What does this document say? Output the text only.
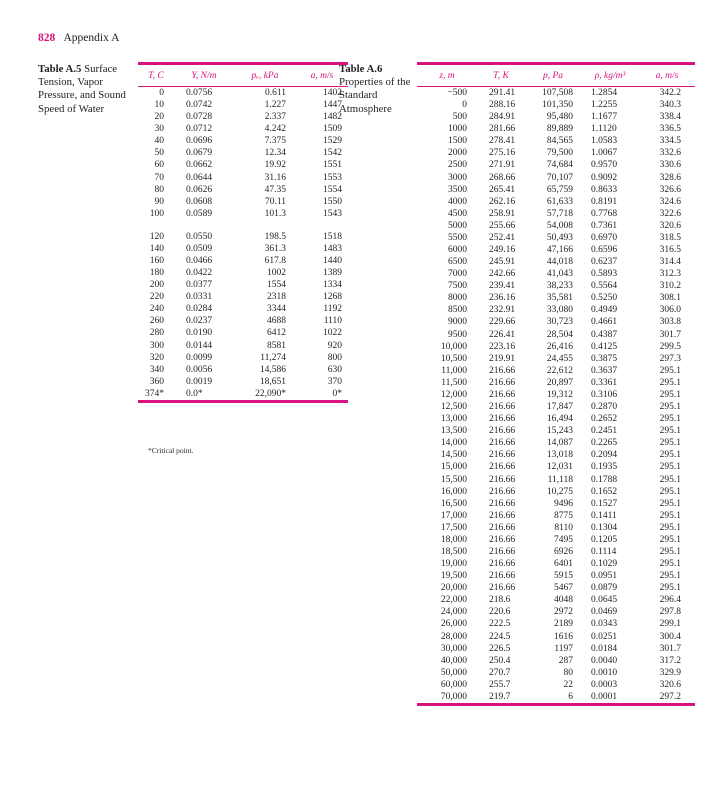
828 Appendix A
Table A.5 Surface Tension, Vapor Pressure, and Sound Speed of Water
T, C	Υ, N/m	pᵥ, kPa	a, m/s
0	0.0756	0.611	1402
10	0.0742	1.227	1447
20	0.0728	2.337	1482
30	0.0712	4.242	1509
40	0.0696	7.375	1529
50	0.0679	12.34	1542
60	0.0662	19.92	1551
70	0.0644	31.16	1553
80	0.0626	47.35	1554
90	0.0608	70.11	1550
100	0.0589	101.3	1543

120	0.0550	198.5	1518
140	0.0509	361.3	1483
160	0.0466	617.8	1440
180	0.0422	1002	1389
200	0.0377	1554	1334
220	0.0331	2318	1268
240	0.0284	3344	1192
260	0.0237	4688	1110
280	0.0190	6412	1022
300	0.0144	8581	920
320	0.0099	11,274	800
340	0.0056	14,586	630
360	0.0019	18,651	370
374*	0.0*	22,090*	0*
*Critical point.
Table A.6 Properties of the Standard Atmosphere
z, m	T, K	p, Pa	ρ, kg/m³	a, m/s
−500	291.41	107,508	1.2854	342.2
0	288.16	101,350	1.2255	340.3
500	284.91	95,480	1.1677	338.4
1000	281.66	89,889	1.1120	336.5
1500	278.41	84,565	1.0583	334.5
2000	275.16	79,500	1.0067	332.6
2500	271.91	74,684	0.9570	330.6
3000	268.66	70,107	0.9092	328.6
3500	265.41	65,759	0.8633	326.6
4000	262.16	61,633	0.8191	324.6
4500	258.91	57,718	0.7768	322.6
5000	255.66	54,008	0.7361	320.6
5500	252.41	50,493	0.6970	318.5
6000	249.16	47,166	0.6596	316.5
6500	245.91	44,018	0.6237	314.4
7000	242.66	41,043	0.5893	312.3
7500	239.41	38,233	0.5564	310.2
8000	236.16	35,581	0.5250	308.1
8500	232.91	33,080	0.4949	306.0
9000	229.66	30,723	0.4661	303.8
9500	226.41	28,504	0.4387	301.7
10,000	223.16	26,416	0.4125	299.5
10,500	219.91	24,455	0.3875	297.3
11,000	216.66	22,612	0.3637	295.1
11,500	216.66	20,897	0.3361	295.1
12,000	216.66	19,312	0.3106	295.1
12,500	216.66	17,847	0.2870	295.1
13,000	216.66	16,494	0.2652	295.1
13,500	216.66	15,243	0.2451	295.1
14,000	216.66	14,087	0.2265	295.1
14,500	216.66	13,018	0.2094	295.1
15,000	216.66	12,031	0.1935	295.1
15,500	216.66	11,118	0.1788	295.1
16,000	216.66	10,275	0.1652	295.1
16,500	216.66	9496	0.1527	295.1
17,000	216.66	8775	0.1411	295.1
17,500	216.66	8110	0.1304	295.1
18,000	216.66	7495	0.1205	295.1
18,500	216.66	6926	0.1114	295.1
19,000	216.66	6401	0.1029	295.1
19,500	216.66	5915	0.0951	295.1
20,000	216.66	5467	0.0879	295.1
22,000	218.6	4048	0.0645	296.4
24,000	220.6	2972	0.0469	297.8
26,000	222.5	2189	0.0343	299.1
28,000	224.5	1616	0.0251	300.4
30,000	226.5	1197	0.0184	301.7
40,000	250.4	287	0.0040	317.2
50,000	270.7	80	0.0010	329.9
60,000	255.7	22	0.0003	320.6
70,000	219.7	6	0.0001	297.2
